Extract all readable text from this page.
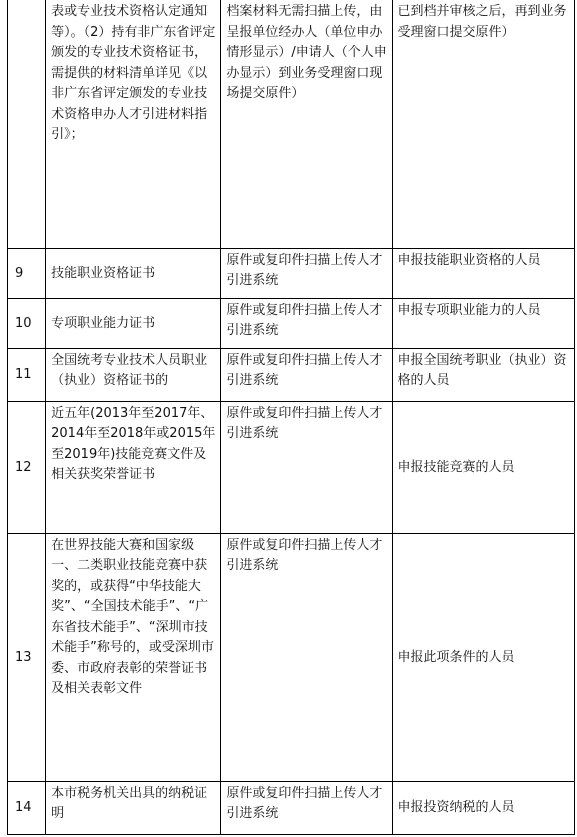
	表或专业技术资格认定通知等）。（2）持有非广东省评定颁发的专业技术资格证书，需提供的材料清单详见《以非广东省评定颁发的专业技术资格申办人才引进材料指引》；	档案材料无需扫描上传，由呈报单位经办人（单位申办情形显示）/申请人（个人申办显示）到业务受理窗口现场提交原件）	已到档并审核之后，再到业务受理窗口提交原件）
9	技能职业资格证书	原件或复印件扫描上传人才引进系统	申报技能职业资格的人员
10	专项职业能力证书	原件或复印件扫描上传人才引进系统	申报专项职业能力的人员
11	全国统考专业技术人员职业（执业）资格证书的	原件或复印件扫描上传人才引进系统	申报全国统考职业（执业）资格的人员
12	近五年(2013年至2017年、2014年至2018年或2015年至2019年)技能竞赛文件及相关获奖荣誉证书	原件或复印件扫描上传人才引进系统	申报技能竞赛的人员
13	在世界技能大赛和国家级一、二类职业技能竞赛中获奖的，或获得“中华技能大奖”、“全国技术能手”、“广东省技术能手”、“深圳市技术能手”称号的，或受深圳市委、市政府表彰的荣誉证书及相关表彰文件	原件或复印件扫描上传人才引进系统	申报此项条件的人员
14	本市税务机关出具的纳税证明	原件或复印件扫描上传人才引进系统	申报投资纳税的人员
